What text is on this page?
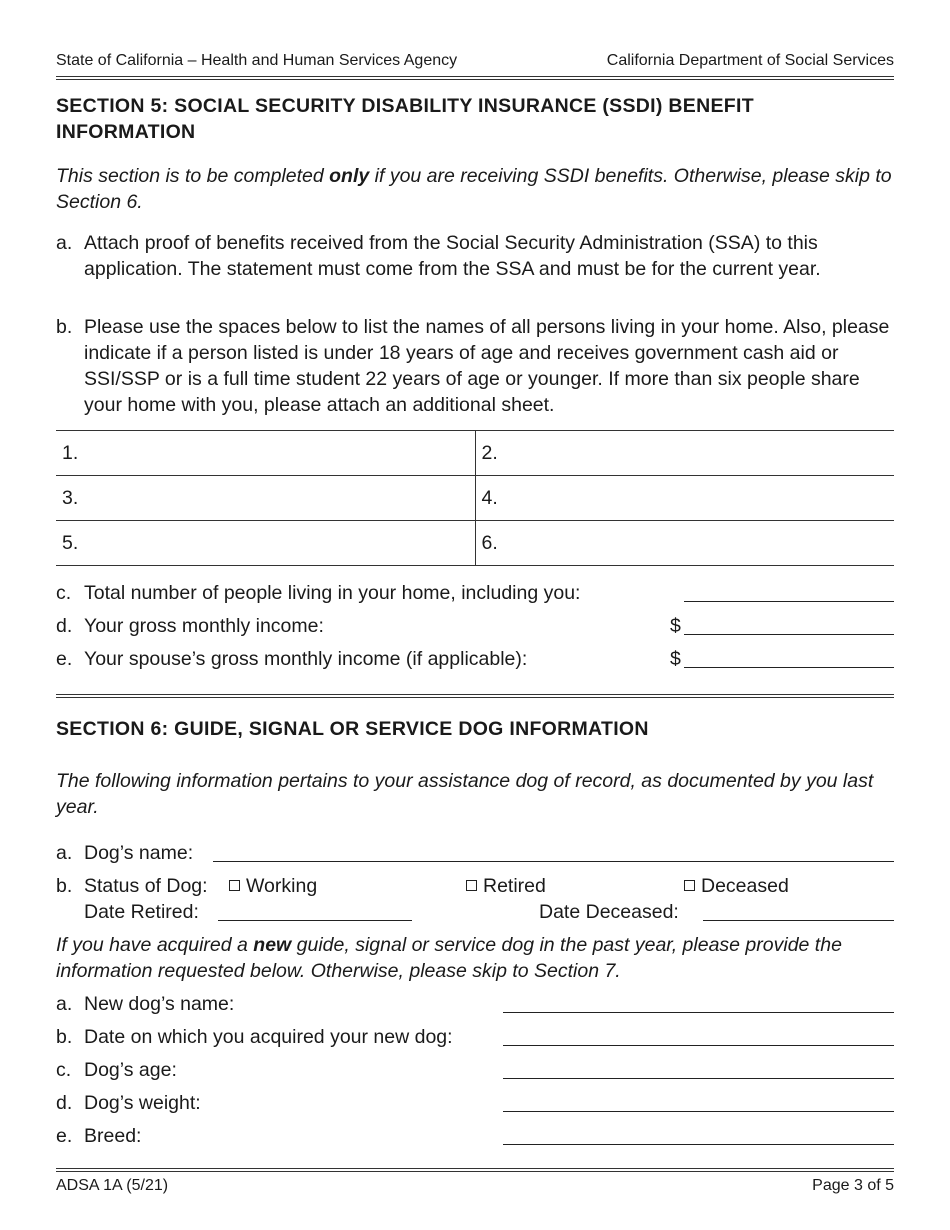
State of California – Health and Human Services Agency	California Department of Social Services
SECTION 5: SOCIAL SECURITY DISABILITY INSURANCE (SSDI) BENEFIT INFORMATION
This section is to be completed only if you are receiving SSDI benefits. Otherwise, please skip to Section 6.
a. Attach proof of benefits received from the Social Security Administration (SSA) to this application. The statement must come from the SSA and must be for the current year.
b. Please use the spaces below to list the names of all persons living in your home. Also, please indicate if a person listed is under 18 years of age and receives government cash aid or SSI/SSP or is a full time student 22 years of age or younger. If more than six people share your home with you, please attach an additional sheet.
1.	2.
3.	4.
5.	6.
c. Total number of people living in your home, including you:
d. Your gross monthly income:	$
e. Your spouse’s gross monthly income (if applicable):	$
SECTION 6: GUIDE, SIGNAL OR SERVICE DOG INFORMATION
The following information pertains to your assistance dog of record, as documented by you last year.
a. Dog’s name:
b. Status of Dog:	Working	Retired	Deceased
Date Retired:	Date Deceased:
If you have acquired a new guide, signal or service dog in the past year, please provide the information requested below. Otherwise, please skip to Section 7.
a. New dog’s name:
b. Date on which you acquired your new dog:
c. Dog’s age:
d. Dog’s weight:
e. Breed:
ADSA 1A (5/21)	Page 3 of 5
